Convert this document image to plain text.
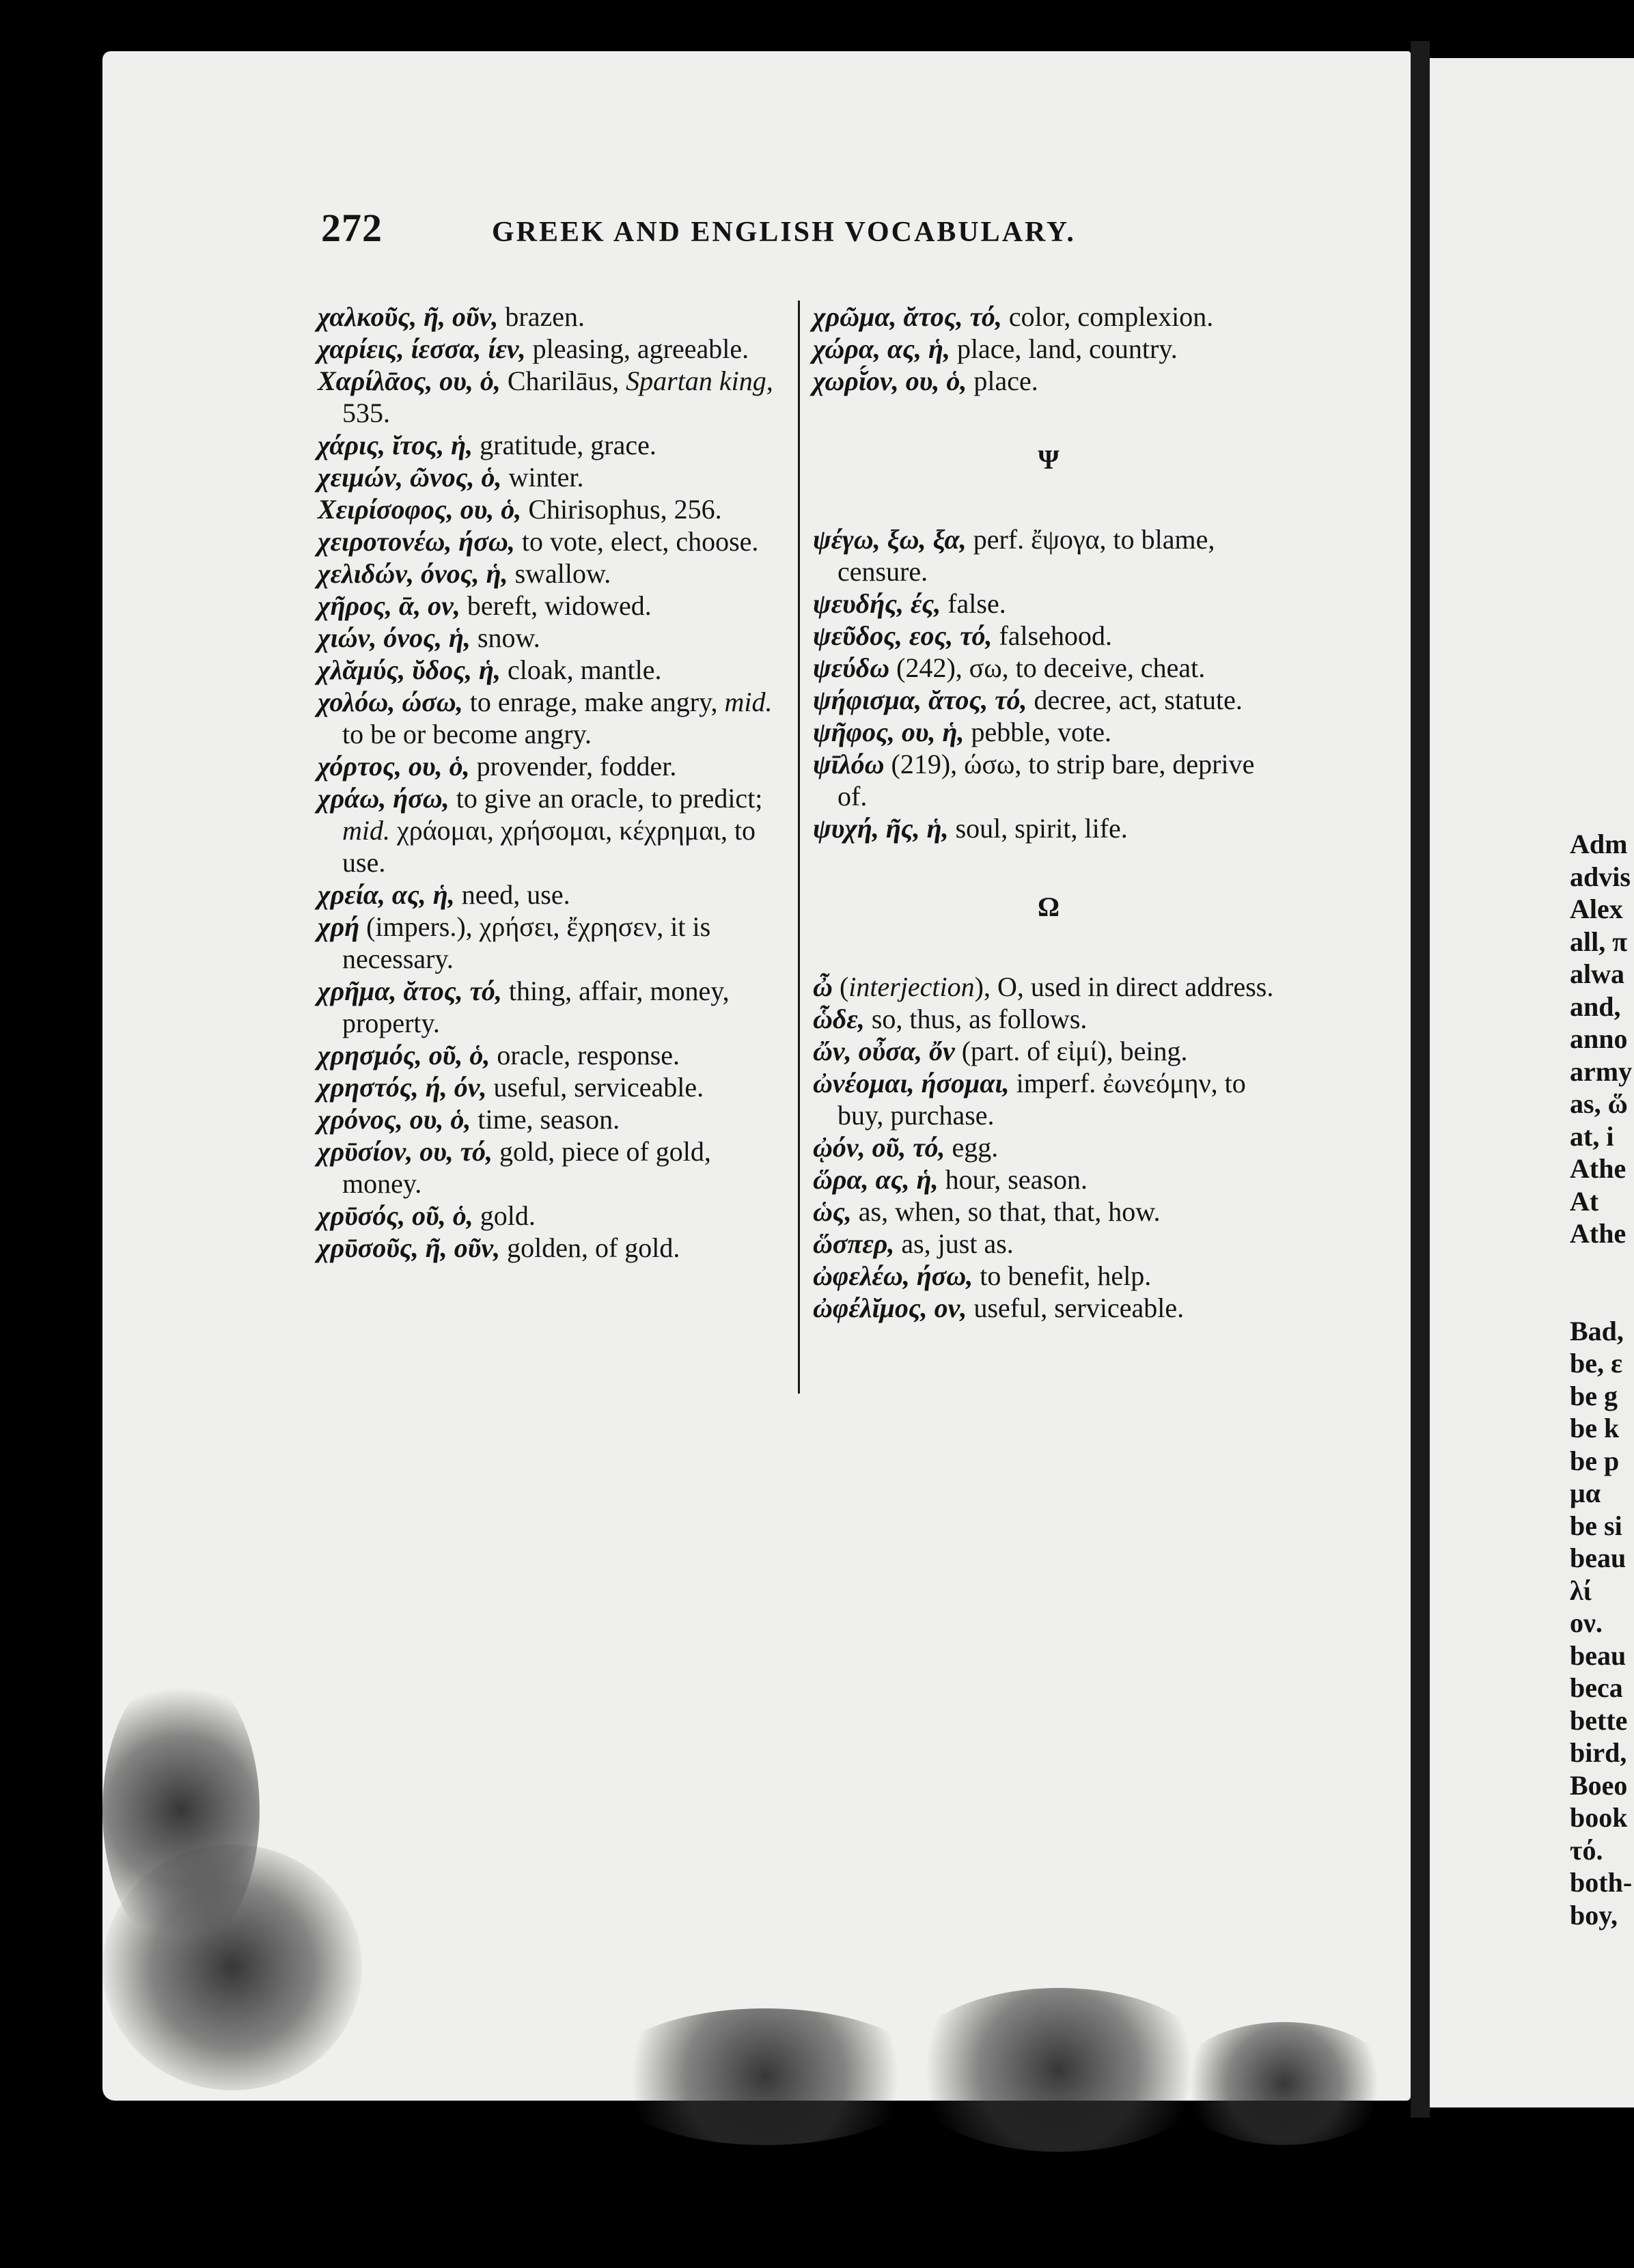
272	GREEK AND ENGLISH VOCABULARY.
χαλκοῦς, ῆ, οῦν, brazen.
χαρίεις, ίεσσα, ίεν, pleasing, agreeable.
Χαρίλᾱος, ου, ὁ, Charilāus, Spartan king, 535.
χάρις, ῐτος, ἡ, gratitude, grace.
χειμών, ῶνος, ὁ, winter.
Χειρίσοφος, ου, ὁ, Chirisophus, 256.
χειροτονέω, ήσω, to vote, elect, choose.
χελιδών, όνος, ἡ, swallow.
χῆρος, ᾱ, ον, bereft, widowed.
χιών, όνος, ἡ, snow.
χλᾰμύς, ῠδος, ἡ, cloak, mantle.
χολόω, ώσω, to enrage, make angry, mid. to be or become angry.
χόρτος, ου, ὁ, provender, fodder.
χράω, ήσω, to give an oracle, to predict; mid. χράομαι, χρήσομαι, κέχρημαι, to use.
χρεία, ας, ἡ, need, use.
χρή (impers.), χρήσει, ἔχρησεν, it is necessary.
χρῆμα, ᾰτος, τό, thing, affair, money, property.
χρησμός, οῦ, ὁ, oracle, response.
χρηστός, ή, όν, useful, serviceable.
χρόνος, ου, ὁ, time, season.
χρῡσίον, ου, τό, gold, piece of gold, money.
χρῡσός, οῦ, ὁ, gold.
χρῡσοῦς, ῆ, οῦν, golden, of gold.
χρῶμα, ᾰτος, τό, color, complexion.
χώρα, ας, ἡ, place, land, country.
χωρῐ́ον, ου, ὁ, place.
Ψ
ψέγω, ξω, ξα, perf. ἔψογα, to blame, censure.
ψευδής, ές, false.
ψεῦδος, εος, τό, falsehood.
ψεύδω (242), σω, to deceive, cheat.
ψήφισμα, ᾰτος, τό, decree, act, statute.
ψῆφος, ου, ἡ, pebble, vote.
ψῑλόω (219), ώσω, to strip bare, deprive of.
ψυχή, ῆς, ἡ, soul, spirit, life.
Ω
ὦ (interjection), O, used in direct address.
ὧδε, so, thus, as follows.
ὤν, οὖσα, ὄν (part. of εἰμί), being.
ὠνέομαι, ήσομαι, imperf. ἐωνεόμην, to buy, purchase.
ᾠόν, οῦ, τό, egg.
ὥρα, ας, ἡ, hour, season.
ὡς, as, when, so that, that, how.
ὥσπερ, as, just as.
ὠφελέω, ήσω, to benefit, help.
ὠφέλῐμος, ον, useful, serviceable.
Adm
advis
Alex
all, π
alwa
and,
anno
army
as, ὥ
at, i
Athe
At
Athe
Bad,
be, ε
be g
be k
be p
μα
be si
beau
λί
ον.
beau
beca
bette
bird,
Boeo
book
τό.
both-
boy,
